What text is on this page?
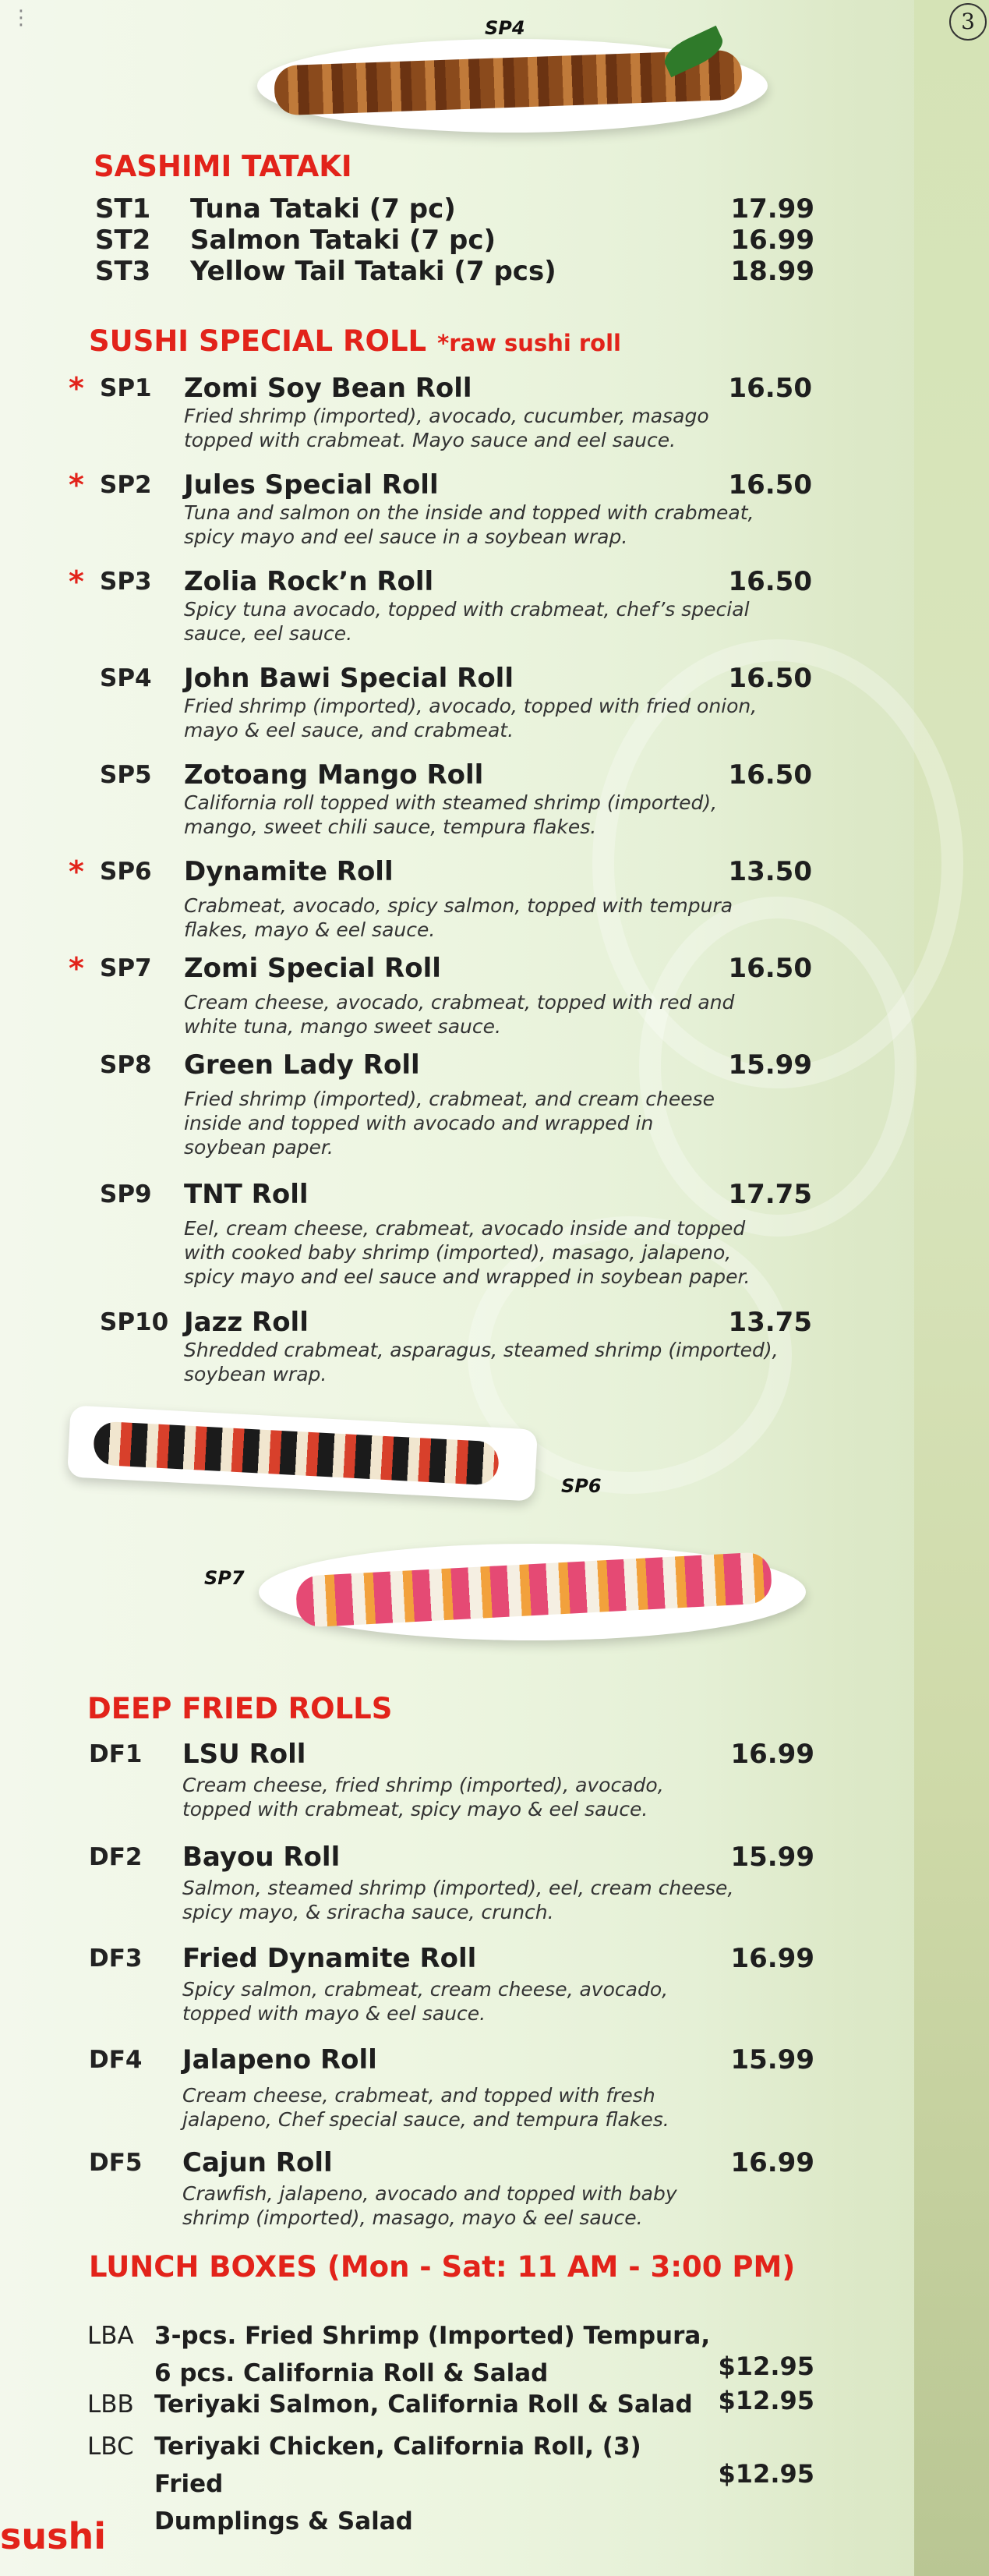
⋮	3
SP4
SASHIMI TATAKI
ST1 Tuna Tataki (7 pc)	17.99
ST2 Salmon Tataki (7 pc)	16.99
ST3 Yellow Tail Tataki (7 pcs)	18.99
SUSHI SPECIAL ROLL *raw sushi roll
* SP1 Zomi Soy Bean Roll	16.50
Fried shrimp (imported), avocado, cucumber, masago
topped with crabmeat. Mayo sauce and eel sauce.
* SP2 Jules Special Roll	16.50
Tuna and salmon on the inside and topped with crabmeat,
spicy mayo and eel sauce in a soybean wrap.
* SP3 Zolia Rock’n Roll	16.50
Spicy tuna avocado, topped with crabmeat, chef’s special
sauce, eel sauce.
SP4 John Bawi Special Roll	16.50
Fried shrimp (imported), avocado, topped with fried onion,
mayo & eel sauce, and crabmeat.
SP5 Zotoang Mango Roll	16.50
California roll topped with steamed shrimp (imported),
mango, sweet chili sauce, tempura flakes.
* SP6 Dynamite Roll	13.50
Crabmeat, avocado, spicy salmon, topped with tempura
flakes, mayo & eel sauce.
* SP7 Zomi Special Roll	16.50
Cream cheese, avocado, crabmeat, topped with red and
white tuna, mango sweet sauce.
SP8 Green Lady Roll	15.99
Fried shrimp (imported), crabmeat, and cream cheese
inside and topped with avocado and wrapped in
soybean paper.
SP9 TNT Roll	17.75
Eel, cream cheese, crabmeat, avocado inside and topped
with cooked baby shrimp (imported), masago, jalapeno,
spicy mayo and eel sauce and wrapped in soybean paper.
SP10 Jazz Roll	13.75
Shredded crabmeat, asparagus, steamed shrimp (imported),
soybean wrap.
SP6
SP7
DEEP FRIED ROLLS
DF1 LSU Roll	16.99
Cream cheese, fried shrimp (imported), avocado,
topped with crabmeat, spicy mayo & eel sauce.
DF2 Bayou Roll	15.99
Salmon, steamed shrimp (imported), eel, cream cheese,
spicy mayo, & sriracha sauce, crunch.
DF3 Fried Dynamite Roll	16.99
Spicy salmon, crabmeat, cream cheese, avocado,
topped with mayo & eel sauce.
DF4 Jalapeno Roll	15.99
Cream cheese, crabmeat, and topped with fresh
jalapeno, Chef special sauce, and tempura flakes.
DF5 Cajun Roll	16.99
Crawfish, jalapeno, avocado and topped with baby
shrimp (imported), masago, mayo & eel sauce.
LUNCH BOXES (Mon - Sat: 11 AM - 3:00 PM)
LBA 3-pcs. Fried Shrimp (Imported) Tempura,
6 pcs. California Roll & Salad	$12.95
LBB Teriyaki Salmon, California Roll & Salad	$12.95
LBC Teriyaki Chicken, California Roll, (3) Fried
Dumplings & Salad
$12.95
sushi
